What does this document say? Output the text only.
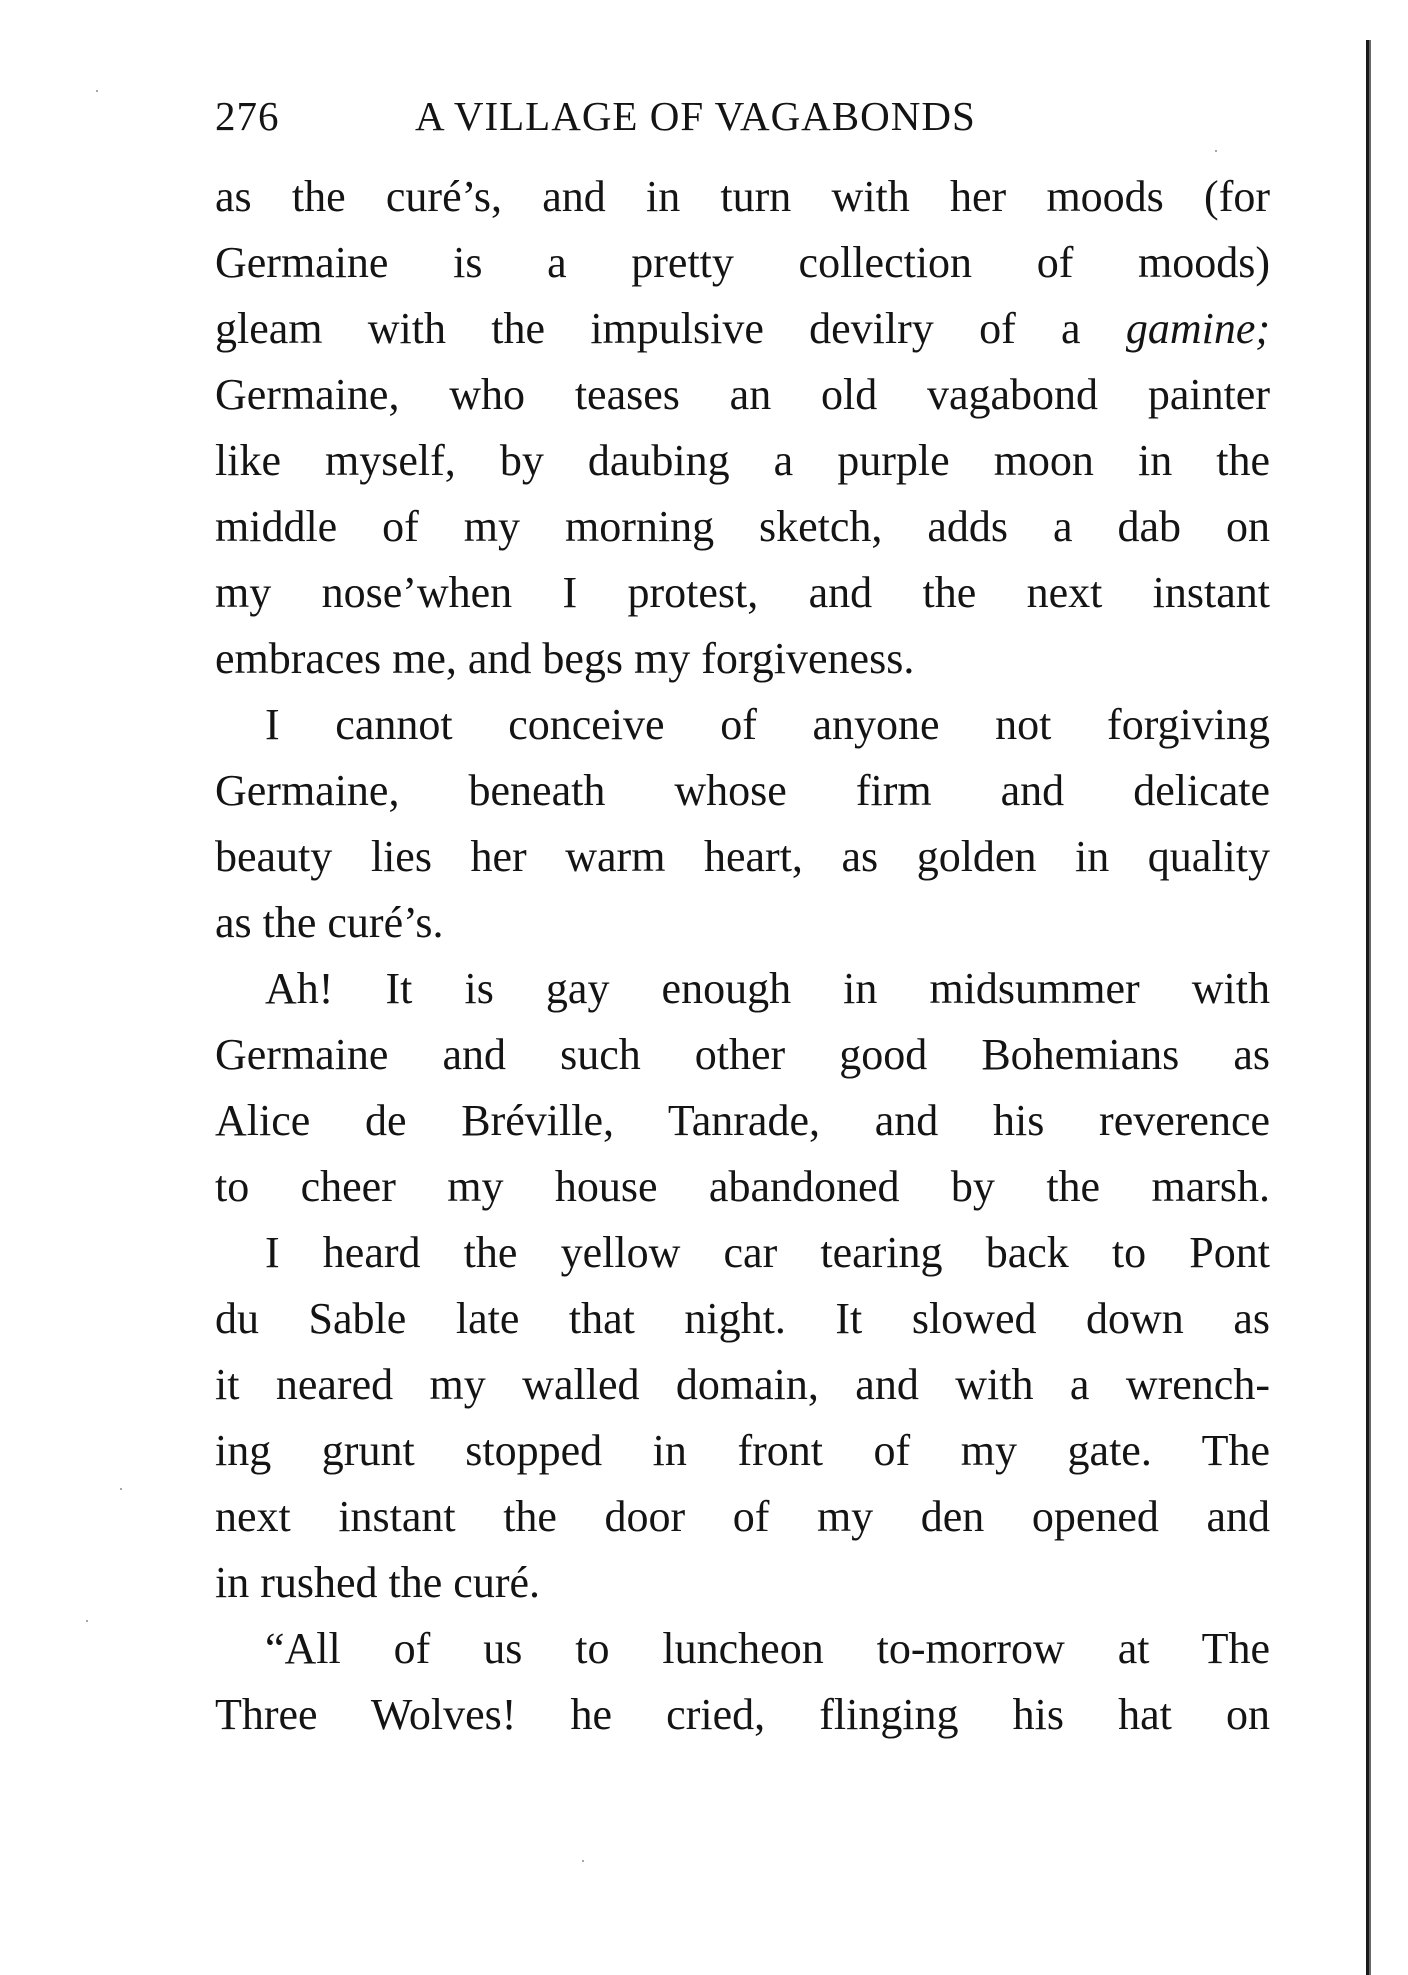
276	A VILLAGE OF VAGABONDS
as the curé’s, and in turn with her moods (for
Germaine is a pretty collection of moods)
gleam with the impulsive devilry of a gamine;
Germaine, who teases an old vagabond painter
like myself, by daubing a purple moon in the
middle of my morning sketch, adds a dab on
my nose’when I protest, and the next instant
embraces me, and begs my forgiveness.
I cannot conceive of anyone not forgiving
Germaine, beneath whose firm and delicate
beauty lies her warm heart, as golden in quality
as the curé’s.
Ah! It is gay enough in midsummer with
Germaine and such other good Bohemians as
Alice de Bréville, Tanrade, and his reverence
to cheer my house abandoned by the marsh.
I heard the yellow car tearing back to Pont
du Sable late that night. It slowed down as
it neared my walled domain, and with a wrench-
ing grunt stopped in front of my gate. The
next instant the door of my den opened and
in rushed the curé.
“All of us to luncheon to-morrow at The
Three Wolves! he cried, flinging his hat on
